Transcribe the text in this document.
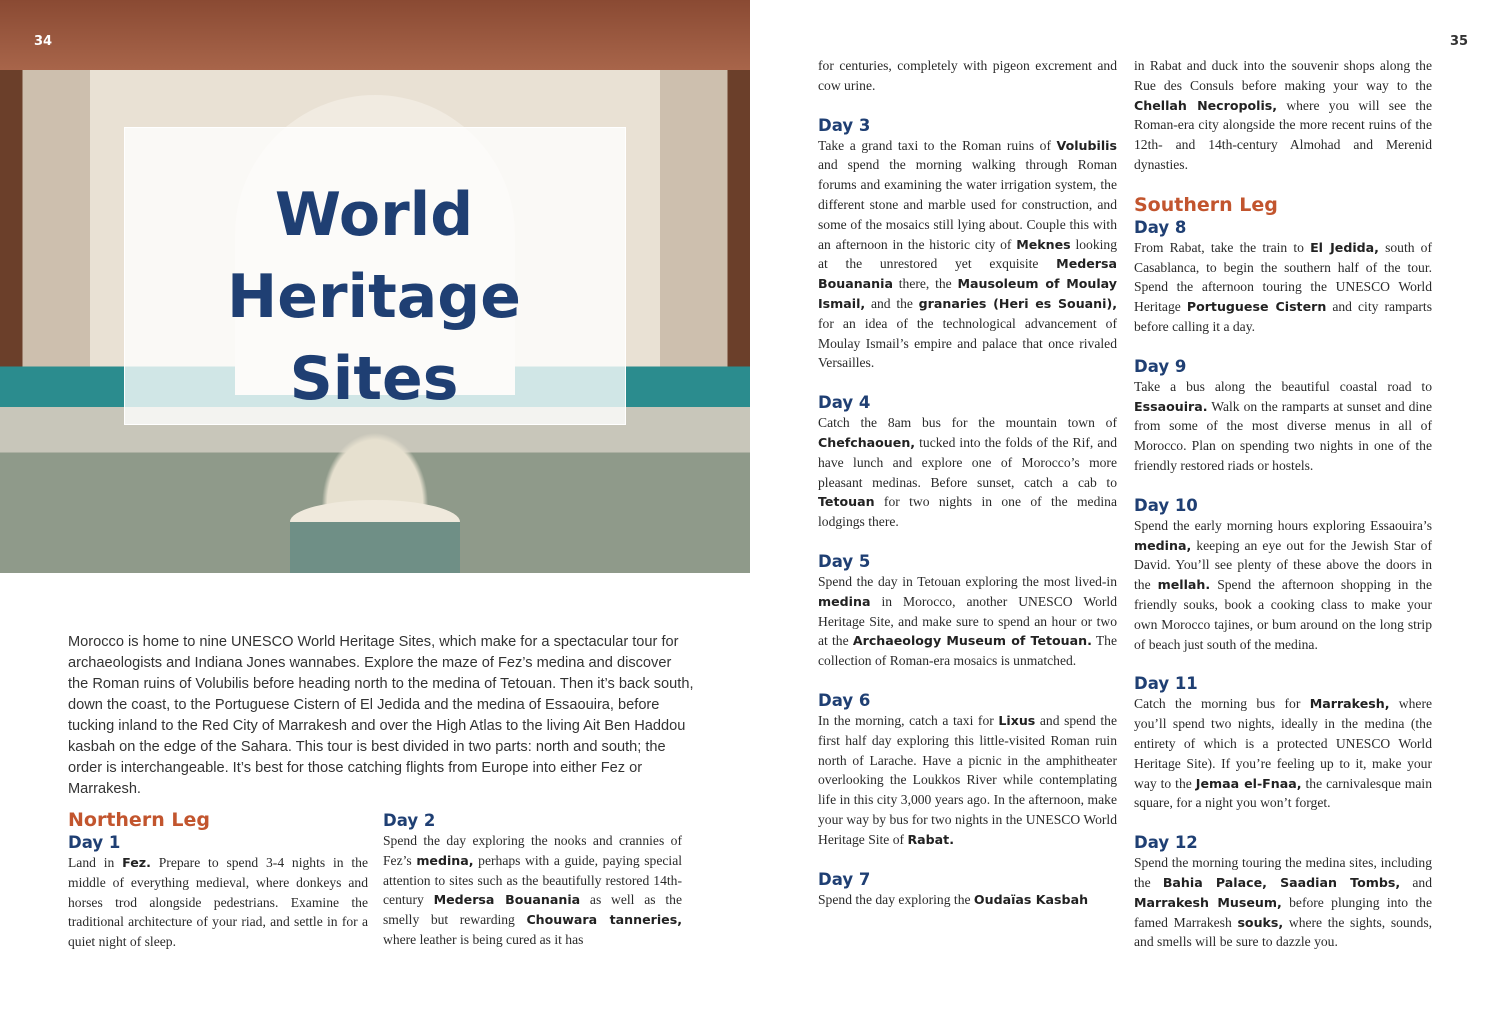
World
Heritage
Sites
34	35

Morocco is home to nine UNESCO World Heritage Sites, which make for a spectacular tour for archaeologists and Indiana Jones wannabes. Explore the maze of Fez’s medina and discover the Roman ruins of Volubilis before heading north to the medina of Tetouan. Then it’s back south, down the coast, to the Portuguese Cistern of El Jedida and the medina of Essaouira, before tucking inland to the Red City of Marrakesh and over the High Atlas to the living Ait Ben Haddou kasbah on the edge of the Sahara. This tour is best divided in two parts: north and south; the order is interchangeable. It’s best for those catching flights from Europe into either Fez or Marrakesh.

Northern Leg
Day 1

Land in Fez. Prepare to spend 3-4 nights in the middle of everything medieval, where donkeys and horses trod alongside pedestrians. Examine the traditional architecture of your riad, and settle in for a quiet night of sleep.

Day 2

Spend the day exploring the nooks and crannies of Fez’s medina, perhaps with a guide, paying special attention to sites such as the beautifully restored 14th-century Medersa Bouanania as well as the smelly but rewarding Chouwara tanneries, where leather is being cured as it has

for centuries, completely with pigeon excrement and cow urine.

Day 3

Take a grand taxi to the Roman ruins of Volubilis and spend the morning walking through Roman forums and examining the water irrigation system, the different stone and marble used for construction, and some of the mosaics still lying about. Couple this with an afternoon in the historic city of Meknes looking at the unrestored yet exquisite Medersa Bouanania there, the Mausoleum of Moulay Ismail, and the granaries (Heri es Souani), for an idea of the technological advancement of Moulay Ismail’s empire and palace that once rivaled Versailles.

Day 4

Catch the 8am bus for the mountain town of Chefchaouen, tucked into the folds of the Rif, and have lunch and explore one of Morocco’s more pleasant medinas. Before sunset, catch a cab to Tetouan for two nights in one of the medina lodgings there.

Day 5

Spend the day in Tetouan exploring the most lived-in medina in Morocco, another UNESCO World Heritage Site, and make sure to spend an hour or two at the Archaeology Museum of Tetouan. The collection of Roman-era mosaics is unmatched.

Day 6

In the morning, catch a taxi for Lixus and spend the first half day exploring this little-visited Roman ruin north of Larache. Have a picnic in the amphitheater overlooking the Loukkos River while contemplating life in this city 3,000 years ago. In the afternoon, make your way by bus for two nights in the UNESCO World Heritage Site of Rabat.

Day 7

Spend the day exploring the Oudaïas Kasbah

in Rabat and duck into the souvenir shops along the Rue des Consuls before making your way to the Chellah Necropolis, where you will see the Roman-era city alongside the more recent ruins of the 12th- and 14th-century Almohad and Merenid dynasties.

Southern Leg
Day 8

From Rabat, take the train to El Jedida, south of Casablanca, to begin the southern half of the tour. Spend the afternoon touring the UNESCO World Heritage Portuguese Cistern and city ramparts before calling it a day.

Day 9

Take a bus along the beautiful coastal road to Essaouira. Walk on the ramparts at sunset and dine from some of the most diverse menus in all of Morocco. Plan on spending two nights in one of the friendly restored riads or hostels.

Day 10

Spend the early morning hours exploring Essaouira’s medina, keeping an eye out for the Jewish Star of David. You’ll see plenty of these above the doors in the mellah. Spend the afternoon shopping in the friendly souks, book a cooking class to make your own Morocco tajines, or bum around on the long strip of beach just south of the medina.

Day 11

Catch the morning bus for Marrakesh, where you’ll spend two nights, ideally in the medina (the entirety of which is a protected UNESCO World Heritage Site). If you’re feeling up to it, make your way to the Jemaa el-Fnaa, the carnivalesque main square, for a night you won’t forget.

Day 12

Spend the morning touring the medina sites, including the Bahia Palace, Saadian Tombs, and Marrakesh Museum, before plunging into the famed Marrakesh souks, where the sights, sounds, and smells will be sure to dazzle you.
